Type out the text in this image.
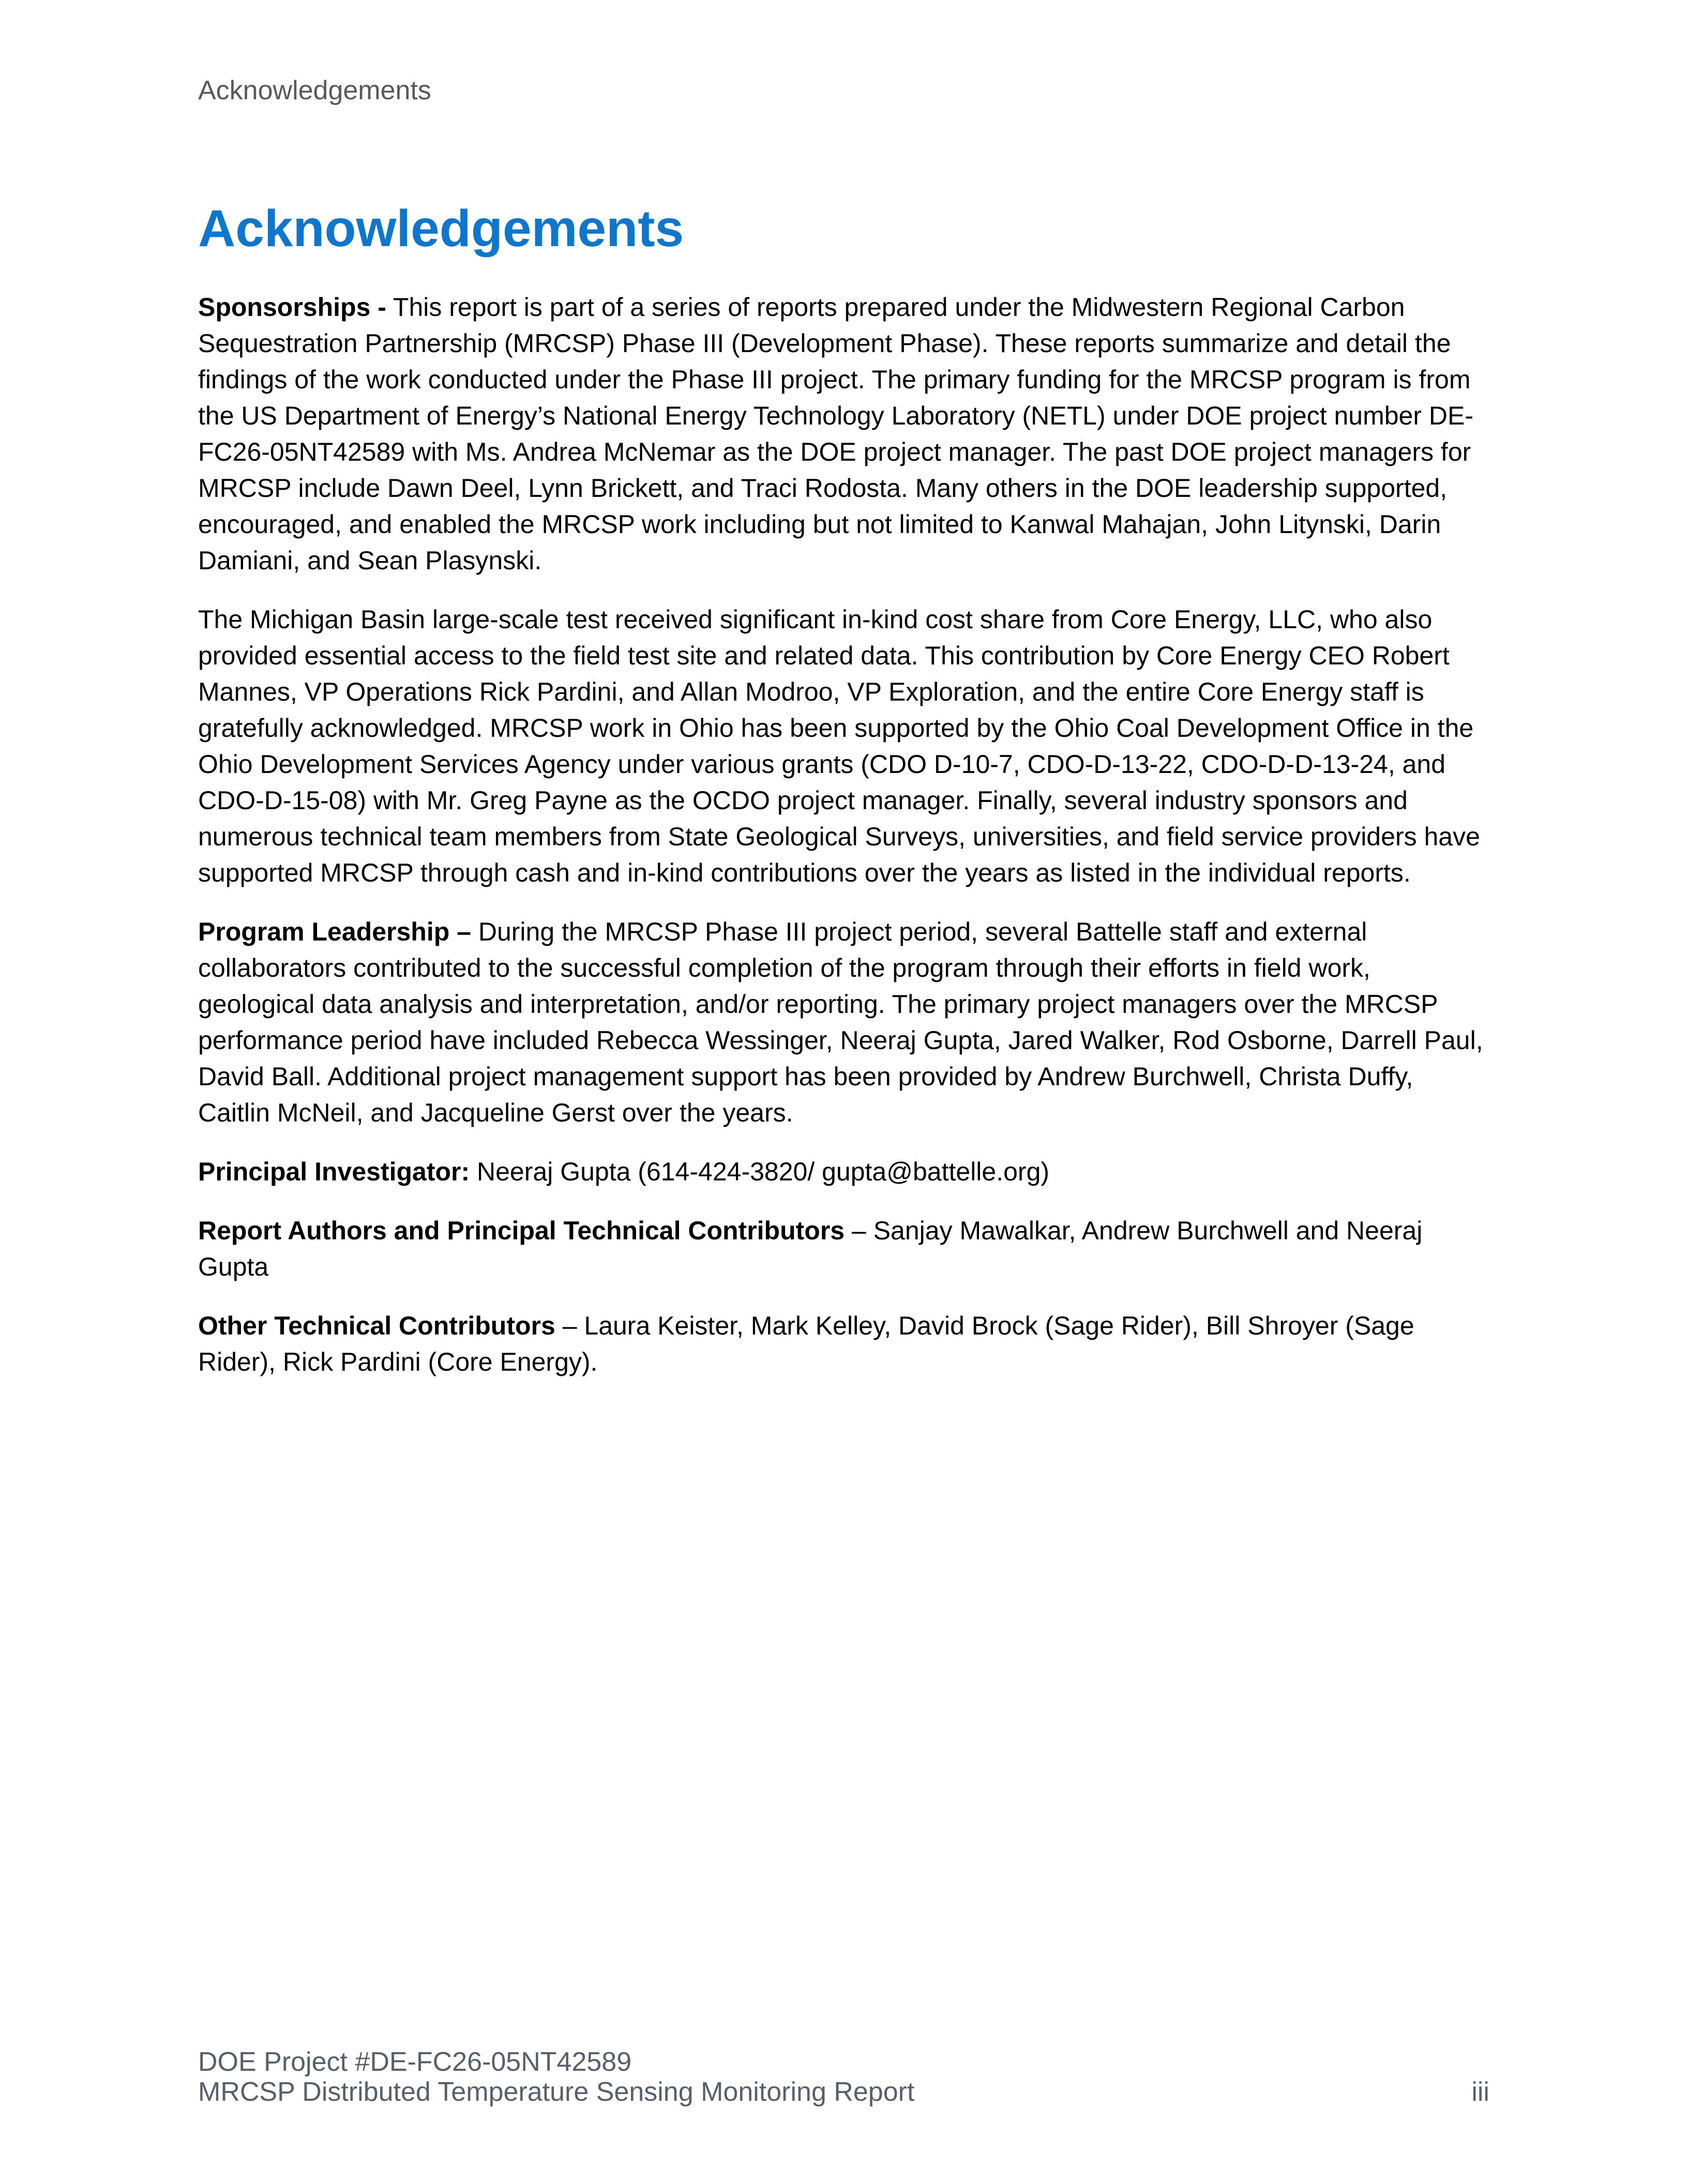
Acknowledgements
Acknowledgements

Sponsorships - This report is part of a series of reports prepared under the Midwestern Regional Carbon Sequestration Partnership (MRCSP) Phase III (Development Phase). These reports summarize and detail the findings of the work conducted under the Phase III project. The primary funding for the MRCSP program is from the US Department of Energy’s National Energy Technology Laboratory (NETL) under DOE project number DE-FC26-05NT42589 with Ms. Andrea McNemar as the DOE project manager. The past DOE project managers for MRCSP include Dawn Deel, Lynn Brickett, and Traci Rodosta. Many others in the DOE leadership supported, encouraged, and enabled the MRCSP work including but not limited to Kanwal Mahajan, John Litynski, Darin Damiani, and Sean Plasynski.

The Michigan Basin large-scale test received significant in-kind cost share from Core Energy, LLC, who also provided essential access to the field test site and related data. This contribution by Core Energy CEO Robert Mannes, VP Operations Rick Pardini, and Allan Modroo, VP Exploration, and the entire Core Energy staff is gratefully acknowledged. MRCSP work in Ohio has been supported by the Ohio Coal Development Office in the Ohio Development Services Agency under various grants (CDO D-10-7, CDO-D-13-22, CDO-D-D-13-24, and CDO-D-15-08) with Mr. Greg Payne as the OCDO project manager. Finally, several industry sponsors and numerous technical team members from State Geological Surveys, universities, and field service providers have supported MRCSP through cash and in-kind contributions over the years as listed in the individual reports.

Program Leadership – During the MRCSP Phase III project period, several Battelle staff and external collaborators contributed to the successful completion of the program through their efforts in field work, geological data analysis and interpretation, and/or reporting. The primary project managers over the MRCSP performance period have included Rebecca Wessinger, Neeraj Gupta, Jared Walker, Rod Osborne, Darrell Paul, David Ball. Additional project management support has been provided by Andrew Burchwell, Christa Duffy, Caitlin McNeil, and Jacqueline Gerst over the years.

Principal Investigator: Neeraj Gupta (614-424-3820/ gupta@battelle.org)

Report Authors and Principal Technical Contributors – Sanjay Mawalkar, Andrew Burchwell and Neeraj Gupta

Other Technical Contributors – Laura Keister, Mark Kelley, David Brock (Sage Rider), Bill Shroyer (Sage Rider), Rick Pardini (Core Energy).

DOE Project #DE-FC26-05NT42589
MRCSP Distributed Temperature Sensing Monitoring Report	iii
